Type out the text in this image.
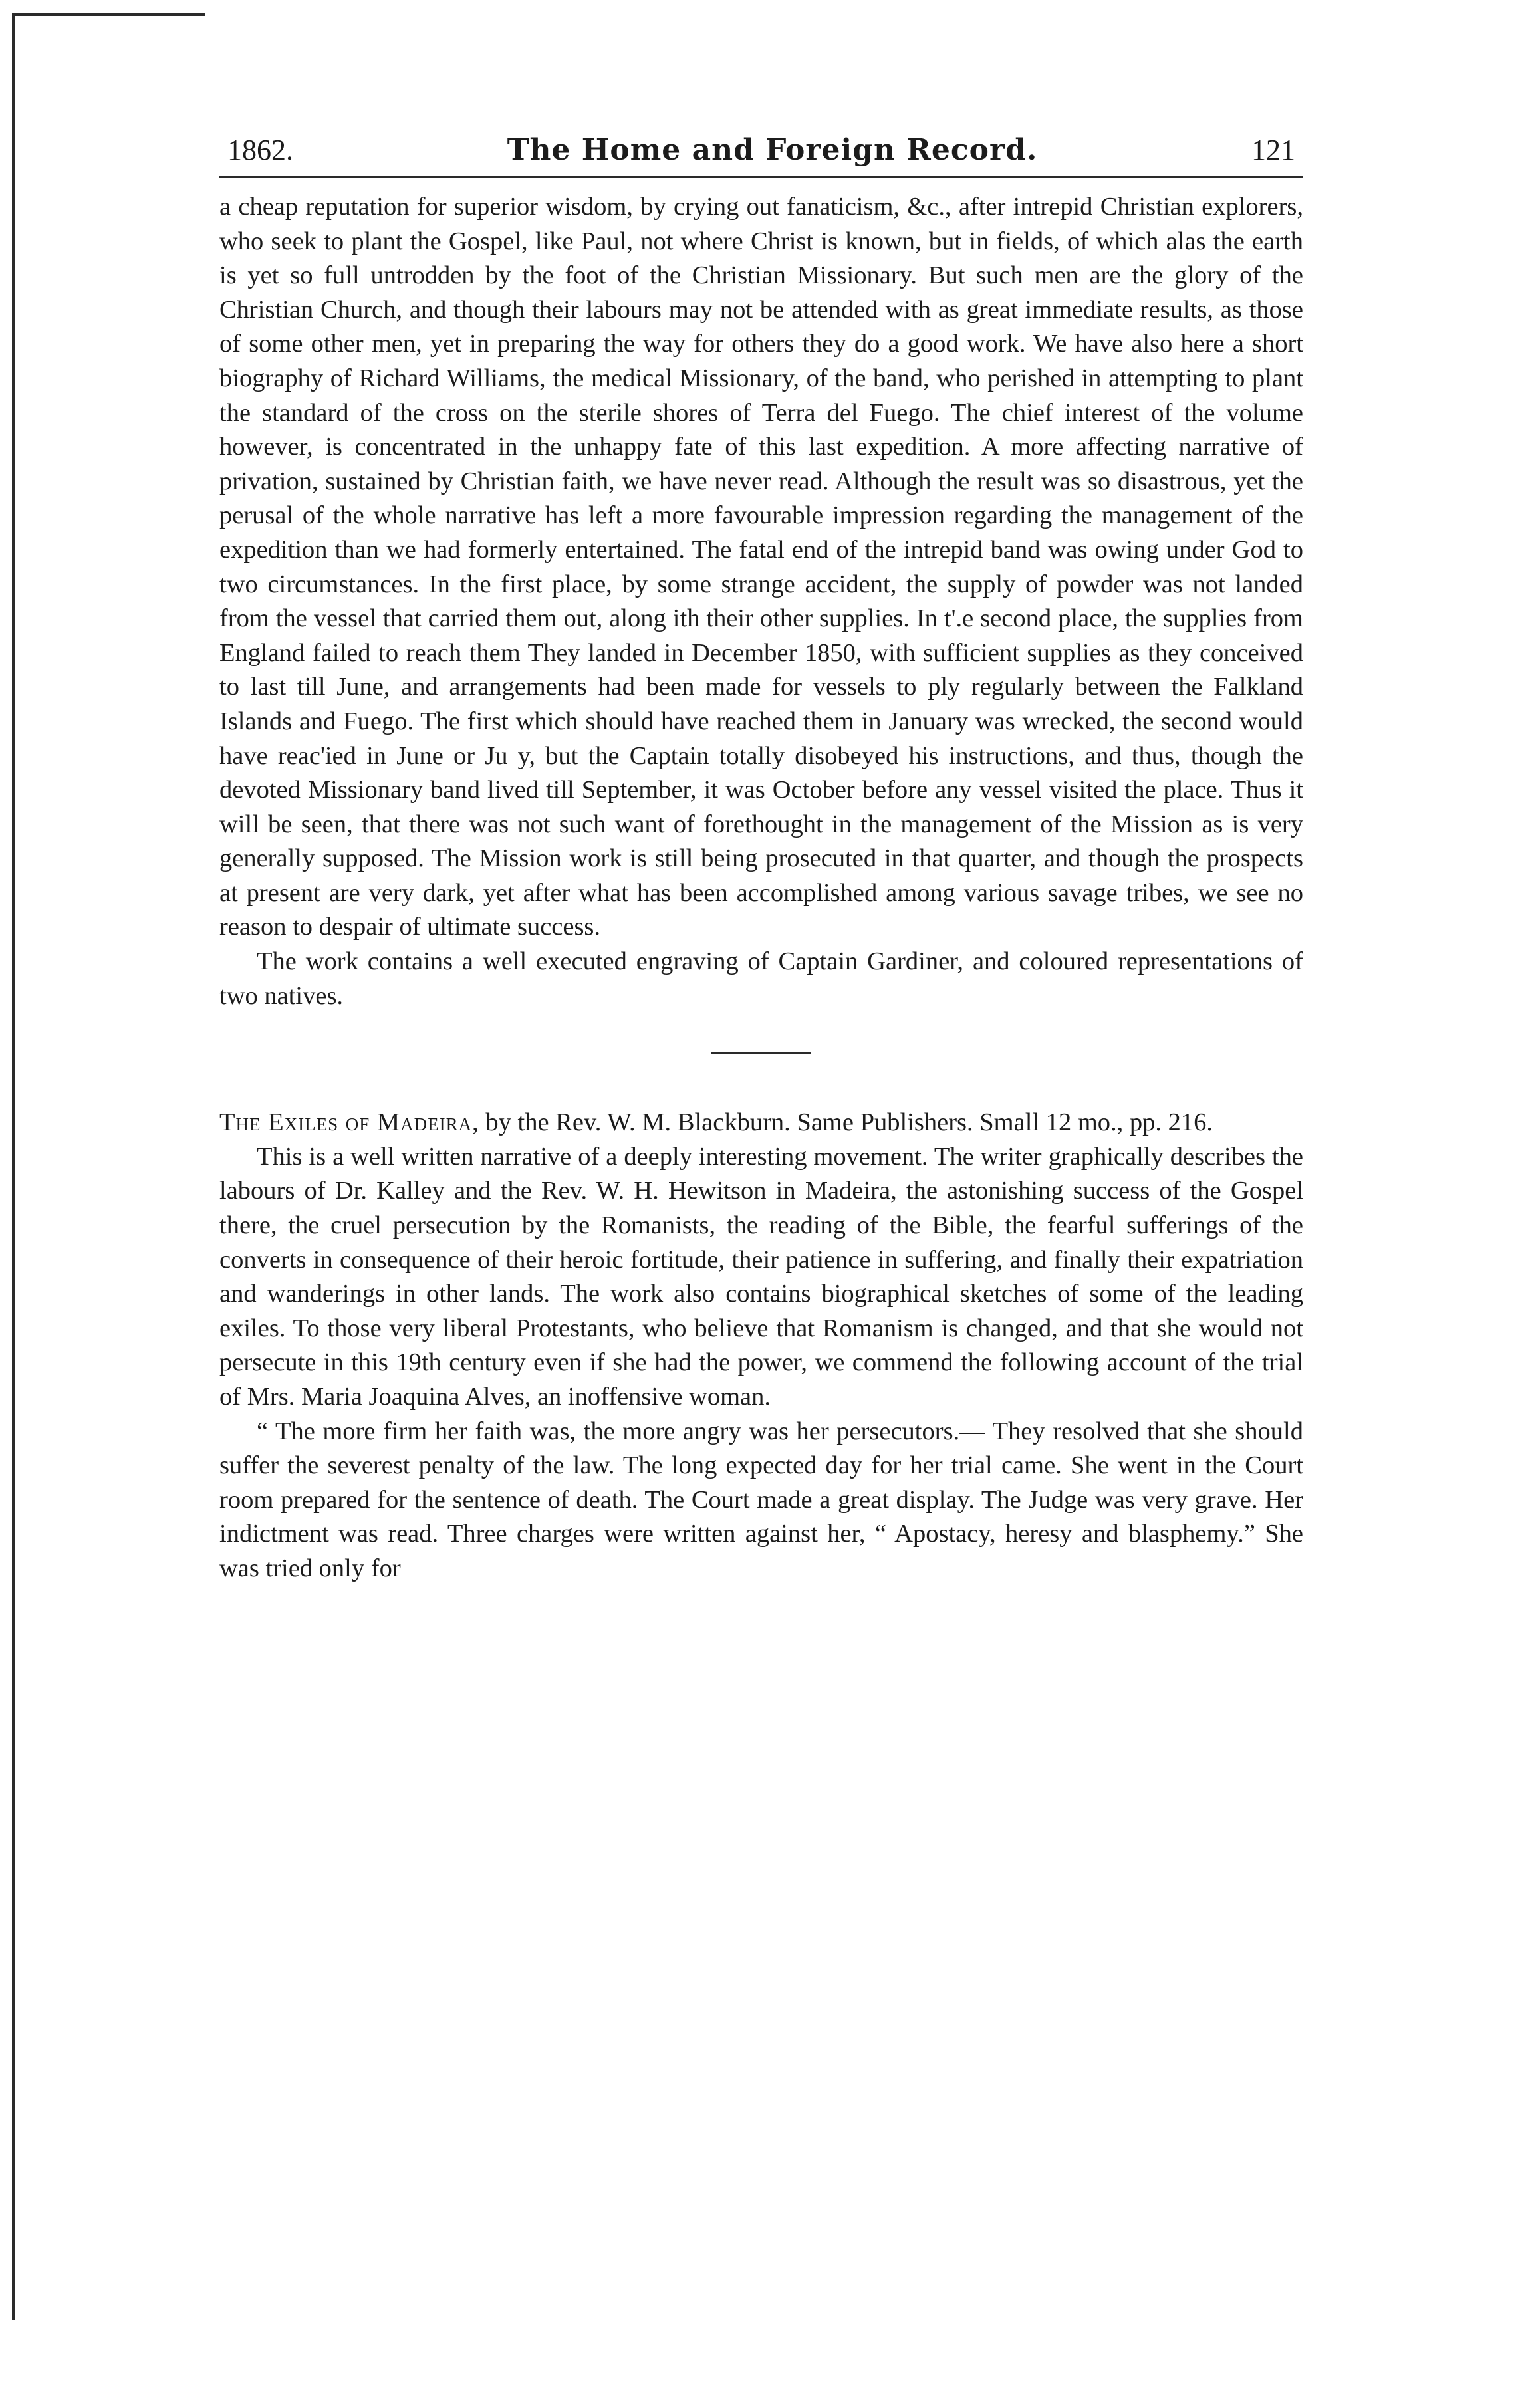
1862.	The Home and Foreign Record.	121

a cheap reputation for superior wisdom, by crying out fanaticism, &c., after intrepid Christian explorers, who seek to plant the Gospel, like Paul, not where Christ is known, but in fields, of which alas the earth is yet so full untrodden by the foot of the Christian Missionary. But such men are the glory of the Christian Church, and though their labours may not be attended with as great immediate results, as those of some other men, yet in preparing the way for others they do a good work. We have also here a short biography of Richard Williams, the medical Missionary, of the band, who perished in attempting to plant the standard of the cross on the sterile shores of Terra del Fuego. The chief interest of the volume however, is concentrated in the unhappy fate of this last expedition. A more affecting narrative of privation, sustained by Christian faith, we have never read. Although the result was so disastrous, yet the perusal of the whole narrative has left a more favourable impression regarding the management of the expedition than we had formerly entertained. The fatal end of the intrepid band was owing under God to two circumstances. In the first place, by some strange accident, the supply of powder was not landed from the vessel that carried them out, along ith their other supplies. In t'.e second place, the supplies from England failed to reach them They landed in December 1850, with sufficient supplies as they conceived to last till June, and arrangements had been made for vessels to ply regularly between the Falkland Islands and Fuego. The first which should have reached them in January was wrecked, the second would have reac'ied in June or Ju y, but the Captain totally disobeyed his instructions, and thus, though the devoted Missionary band lived till September, it was October before any vessel visited the place. Thus it will be seen, that there was not such want of forethought in the management of the Mission as is very generally supposed. The Mission work is still being prosecuted in that quarter, and though the prospects at present are very dark, yet after what has been accomplished among various savage tribes, we see no reason to despair of ultimate success.

The work contains a well executed engraving of Captain Gardiner, and coloured representations of two natives.

The Exiles of Madeira, by the Rev. W. M. Blackburn. Same Publishers. Small 12 mo., pp. 216.

This is a well written narrative of a deeply interesting movement. The writer graphically describes the labours of Dr. Kalley and the Rev. W. H. Hewitson in Madeira, the astonishing success of the Gospel there, the cruel persecution by the Romanists, the reading of the Bible, the fearful sufferings of the converts in consequence of their heroic fortitude, their patience in suffering, and finally their expatriation and wanderings in other lands. The work also contains biographical sketches of some of the leading exiles. To those very liberal Protestants, who believe that Romanism is changed, and that she would not persecute in this 19th century even if she had the power, we commend the following account of the trial of Mrs. Maria Joaquina Alves, an inoffensive woman.

“ The more firm her faith was, the more angry was her persecutors.— They resolved that she should suffer the severest penalty of the law. The long expected day for her trial came. She went in the Court room prepared for the sentence of death. The Court made a great display. The Judge was very grave. Her indictment was read. Three charges were written against her, “ Apostacy, heresy and blasphemy.” She was tried only for
